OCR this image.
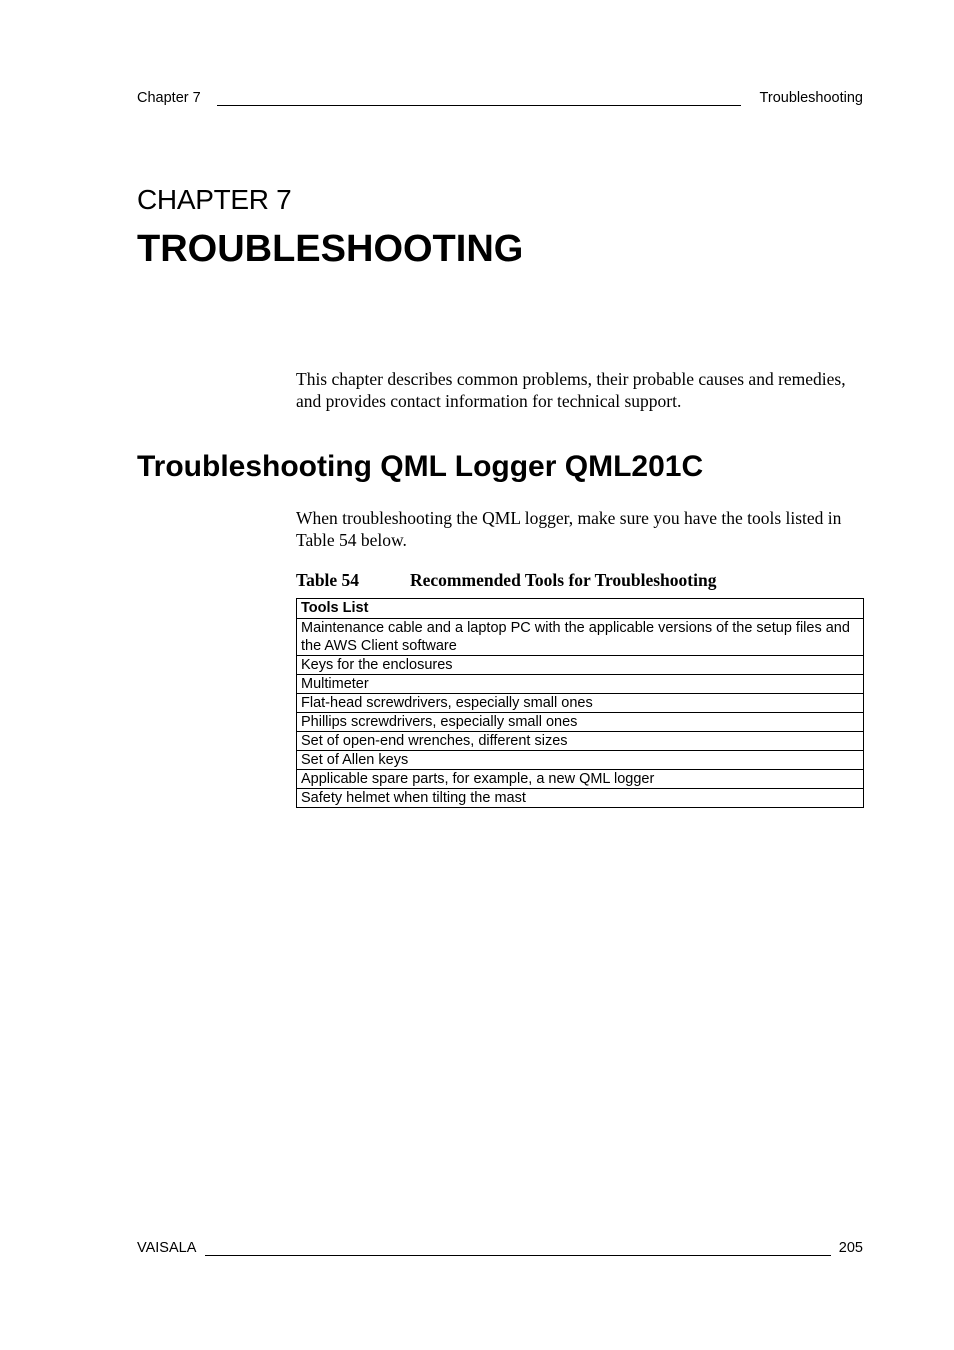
Chapter 7	Troubleshooting
CHAPTER 7
TROUBLESHOOTING

This chapter describes common problems, their probable causes and remedies, and provides contact information for technical support.

Troubleshooting QML Logger QML201C

When troubleshooting the QML logger, make sure you have the tools listed in Table 54 below.

Table 54	Recommended Tools for Troubleshooting
Tools List
Maintenance cable and a laptop PC with the applicable versions of the setup files and the AWS Client software
Keys for the enclosures
Multimeter
Flat-head screwdrivers, especially small ones
Phillips screwdrivers, especially small ones
Set of open-end wrenches, different sizes
Set of Allen keys
Applicable spare parts, for example, a new QML logger
Safety helmet when tilting the mast
VAISALA	205
